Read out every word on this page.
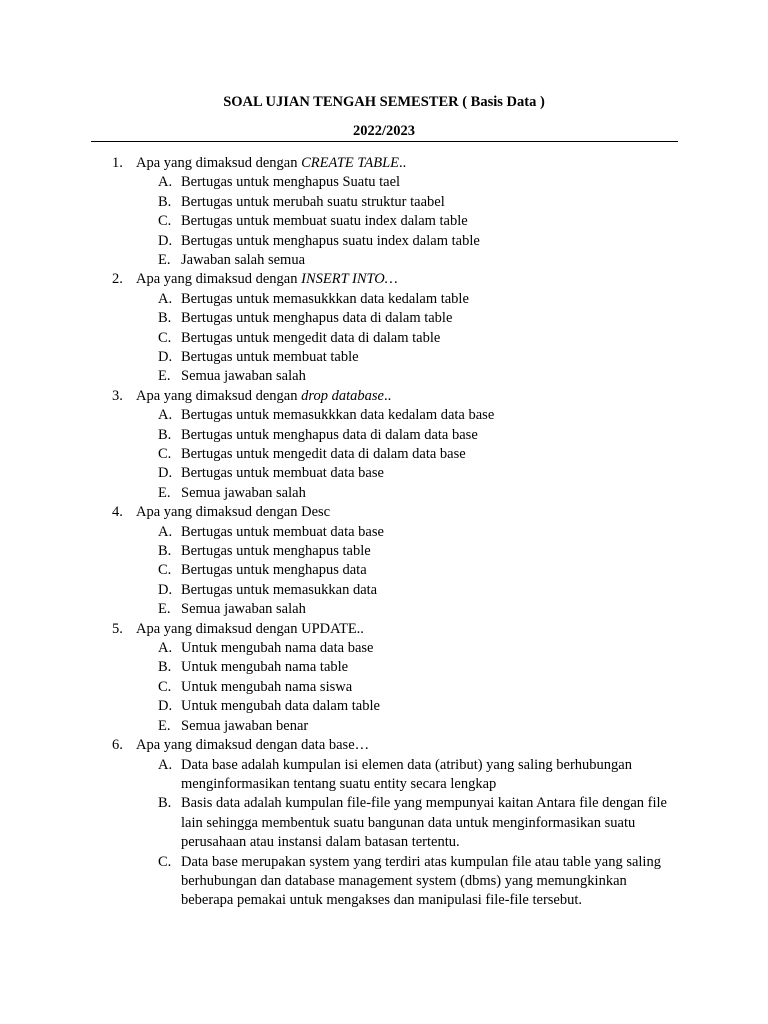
SOAL UJIAN TENGAH SEMESTER ( Basis Data )
2022/2023
1. Apa yang dimaksud dengan CREATE TABLE..
A. Bertugas untuk menghapus Suatu tael
B. Bertugas untuk merubah suatu struktur taabel
C. Bertugas untuk membuat suatu index dalam table
D. Bertugas untuk menghapus suatu index dalam table
E. Jawaban salah semua
2. Apa yang dimaksud dengan INSERT INTO…
A. Bertugas untuk memasukkkan data kedalam table
B. Bertugas untuk menghapus data di dalam table
C. Bertugas untuk mengedit data di dalam table
D. Bertugas untuk membuat table
E. Semua jawaban salah
3. Apa yang dimaksud dengan drop database..
A. Bertugas untuk memasukkkan data kedalam data base
B. Bertugas untuk menghapus data di dalam data base
C. Bertugas untuk mengedit data di dalam data base
D. Bertugas untuk membuat data base
E. Semua jawaban salah
4. Apa yang dimaksud dengan Desc
A. Bertugas untuk membuat data base
B. Bertugas untuk menghapus table
C. Bertugas untuk menghapus data
D. Bertugas untuk memasukkan data
E. Semua jawaban salah
5. Apa yang dimaksud dengan UPDATE..
A. Untuk mengubah nama data base
B. Untuk mengubah nama table
C. Untuk mengubah nama siswa
D. Untuk mengubah data dalam table
E. Semua jawaban benar
6. Apa yang dimaksud dengan data base…
A. Data base adalah kumpulan isi elemen data (atribut) yang saling berhubungan menginformasikan tentang suatu entity secara lengkap
B. Basis data adalah kumpulan file-file yang mempunyai kaitan Antara file dengan file lain sehingga membentuk suatu bangunan data untuk menginformasikan suatu perusahaan atau instansi dalam batasan tertentu.
C. Data base merupakan system yang terdiri atas kumpulan file atau table yang saling berhubungan dan database management system (dbms) yang memungkinkan beberapa pemakai untuk mengakses dan manipulasi file-file tersebut.
